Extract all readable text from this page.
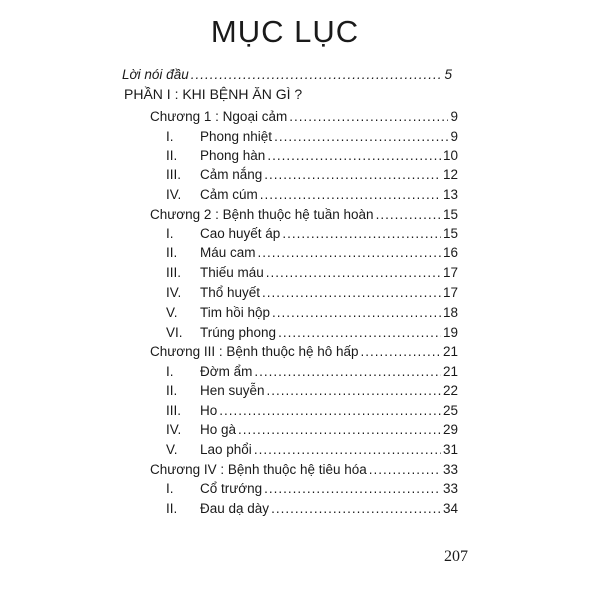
MỤC LỤC
Lời nói đầu .....	5
PHẦN I : KHI BỆNH ĂN GÌ ?
Chương 1 : Ngoại cảm .....	9
I. Phong nhiệt .....	9
II. Phong hàn .....	10
III. Cảm nắng .....	12
IV. Cảm cúm .....	13
Chương 2 : Bệnh thuộc hệ tuần hoàn .....	15
I. Cao huyết áp .....	15
II. Máu cam .....	16
III. Thiếu máu .....	17
IV. Thổ huyết .....	17
V. Tim hồi hộp .....	18
VI. Trúng phong .....	19
Chương III : Bệnh thuộc hệ hô hấp .....	21
I. Đờm ẩm .....	21
II. Hen suyễn .....	22
III. Ho .....	25
IV. Ho gà .....	29
V. Lao phổi .....	31
Chương IV : Bệnh thuộc hệ tiêu hóa .....	33
I. Cổ trướng .....	33
II. Đau dạ dày .....	34
207
